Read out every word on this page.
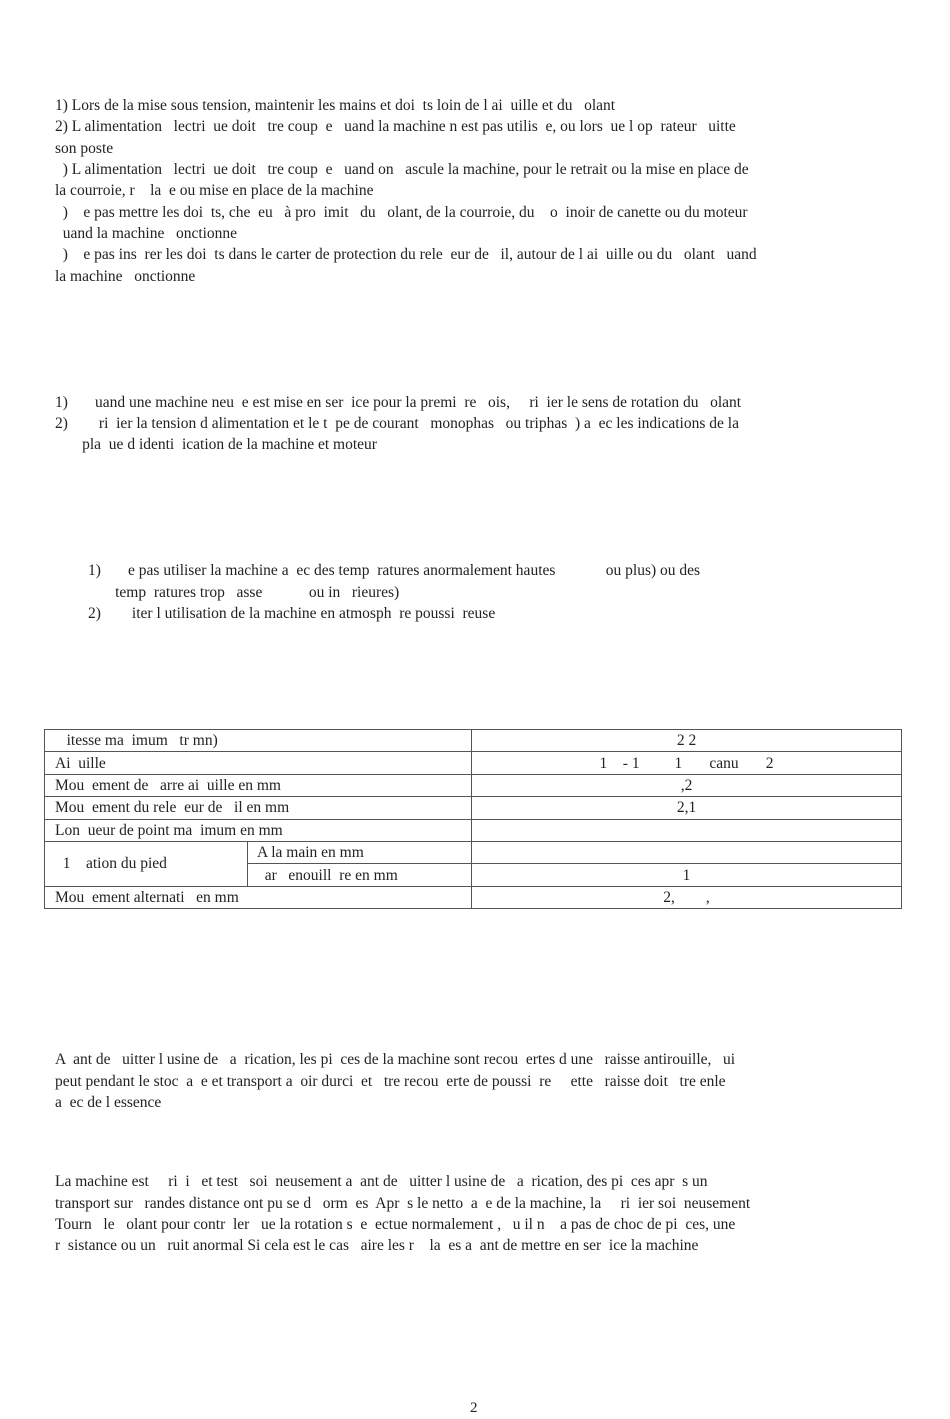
1) Lors de la mise sous tension, maintenir les mains et doi  ts loin de l ai  uille et du   olant
2) L alimentation   lectri  ue doit   tre coup  e   uand la machine n est pas utilis  e, ou lors  ue l op  rateur   uitte
son poste
) L alimentation   lectri  ue doit   tre coup  e   uand on   ascule la machine, pour le retrait ou la mise en place de
la courroie, r    la  e ou mise en place de la machine
)    e pas mettre les doi  ts, che  eu   à pro  imit   du   olant, de la courroie, du    o  inoir de canette ou du moteur
uand la machine   onctionne
)    e pas ins  rer les doi  ts dans le carter de protection du rele  eur de   il, autour de l ai  uille ou du   olant   uand
la machine   onctionne
1)       uand une machine neu  e est mise en ser  ice pour la premi  re   ois,     ri  ier le sens de rotation du   olant
2)        ri  ier la tension d alimentation et le t  pe de courant   monophas   ou triphas  ) a  ec les indications de la
pla  ue d identi  ication de la machine et moteur
1)       e pas utiliser la machine a  ec des temp  ratures anormalement hautes             ou plus) ou des
temp  ratures trop   asse            ou in   rieures)
2)        iter l utilisation de la machine en atmosph  re poussi  reuse
itesse ma  imum   tr mn)		2 2
Ai  uille		1    - 1         1       canu       2
Mou  ement de   arre ai  uille en mm		,2
Mou  ement du rele  eur de   il en mm		2,1
Lon  ueur de point ma  imum en mm		
1    ation du pied	A la main en mm	
	ar   enouill  re en mm	1
Mou  ement alternati   en mm		2,        ,
A  ant de   uitter l usine de   a  rication, les pi  ces de la machine sont recou  ertes d une   raisse antirouille,   ui
peut pendant le stoc  a  e et transport a  oir durci  et   tre recou  erte de poussi  re     ette   raisse doit   tre enle
a  ec de l essence
La machine est     ri  i   et test   soi  neusement a  ant de   uitter l usine de   a  rication, des pi  ces apr  s un
transport sur   randes distance ont pu se d   orm  es  Apr  s le netto  a  e de la machine, la     ri  ier soi  neusement
Tourn   le   olant pour contr  ler   ue la rotation s  e  ectue normalement ,   u il n    a pas de choc de pi  ces, une
r  sistance ou un   ruit anormal Si cela est le cas   aire les r    la  es a  ant de mettre en ser  ice la machine
2
